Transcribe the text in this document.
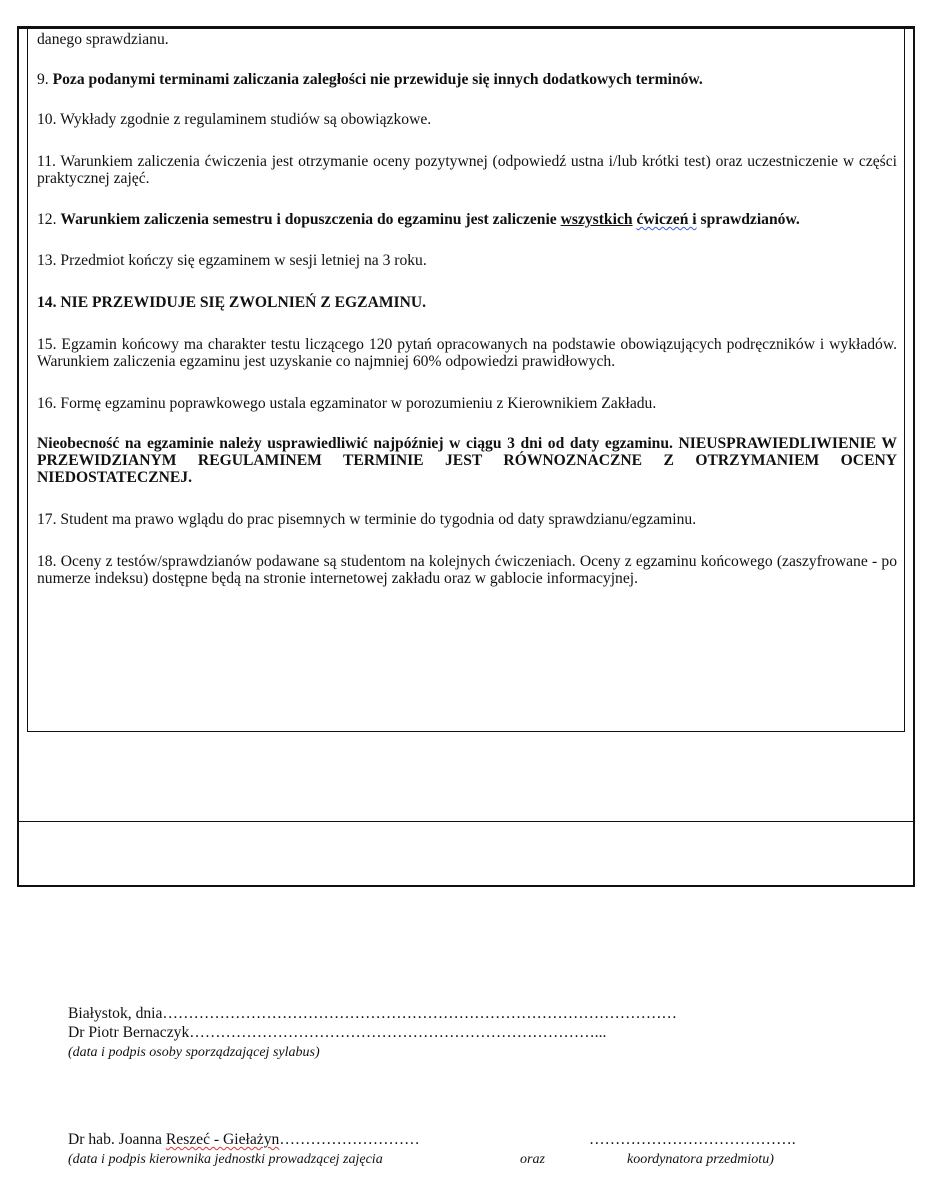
danego sprawdzianu.

9. Poza podanymi terminami zaliczania zaległości nie przewiduje się innych dodatkowych terminów.

10. Wykłady zgodnie z regulaminem studiów są obowiązkowe.

11. Warunkiem zaliczenia ćwiczenia jest otrzymanie oceny pozytywnej (odpowiedź ustna i/lub krótki test) oraz uczestniczenie w części praktycznej zajęć.

12. Warunkiem zaliczenia semestru i dopuszczenia do egzaminu jest zaliczenie wszystkich ćwiczeń i sprawdzianów.

13. Przedmiot kończy się egzaminem w sesji letniej na 3 roku.

14. NIE PRZEWIDUJE SIĘ ZWOLNIEŃ Z EGZAMINU.

15. Egzamin końcowy ma charakter testu liczącego 120 pytań opracowanych na podstawie obowiązujących podręczników i wykładów. Warunkiem zaliczenia egzaminu jest uzyskanie co najmniej 60% odpowiedzi prawidłowych.

16. Formę egzaminu poprawkowego ustala egzaminator w porozumieniu z Kierownikiem Zakładu.

Nieobecność na egzaminie należy usprawiedliwić najpóźniej w ciągu 3 dni od daty egzaminu. NIEUSPRAWIEDLIWIENIE W PRZEWIDZIANYM REGULAMINEM TERMINIE JEST RÓWNOZNACZNE Z OTRZYMANIEM OCENY NIEDOSTATECZNEJ.

17. Student ma prawo wglądu do prac pisemnych w terminie do tygodnia od daty sprawdzianu/egzaminu.

18. Oceny z testów/sprawdzianów podawane są studentom na kolejnych ćwiczeniach. Oceny z egzaminu końcowego (zaszyfrowane - po numerze indeksu) dostępne będą na stronie internetowej zakładu oraz w gablocie informacyjnej.

Białystok, dnia………………………………………………………………………………………
Dr Piotr Bernaczyk……………………………………………………………………...
(data i podpis osoby sporządzającej sylabus)
Dr hab. Joanna Reszeć - Giełażyn………………………	………………………………….
(data i podpis kierownika jednostki prowadzącej zajęcia	oraz	koordynatora przedmiotu)
